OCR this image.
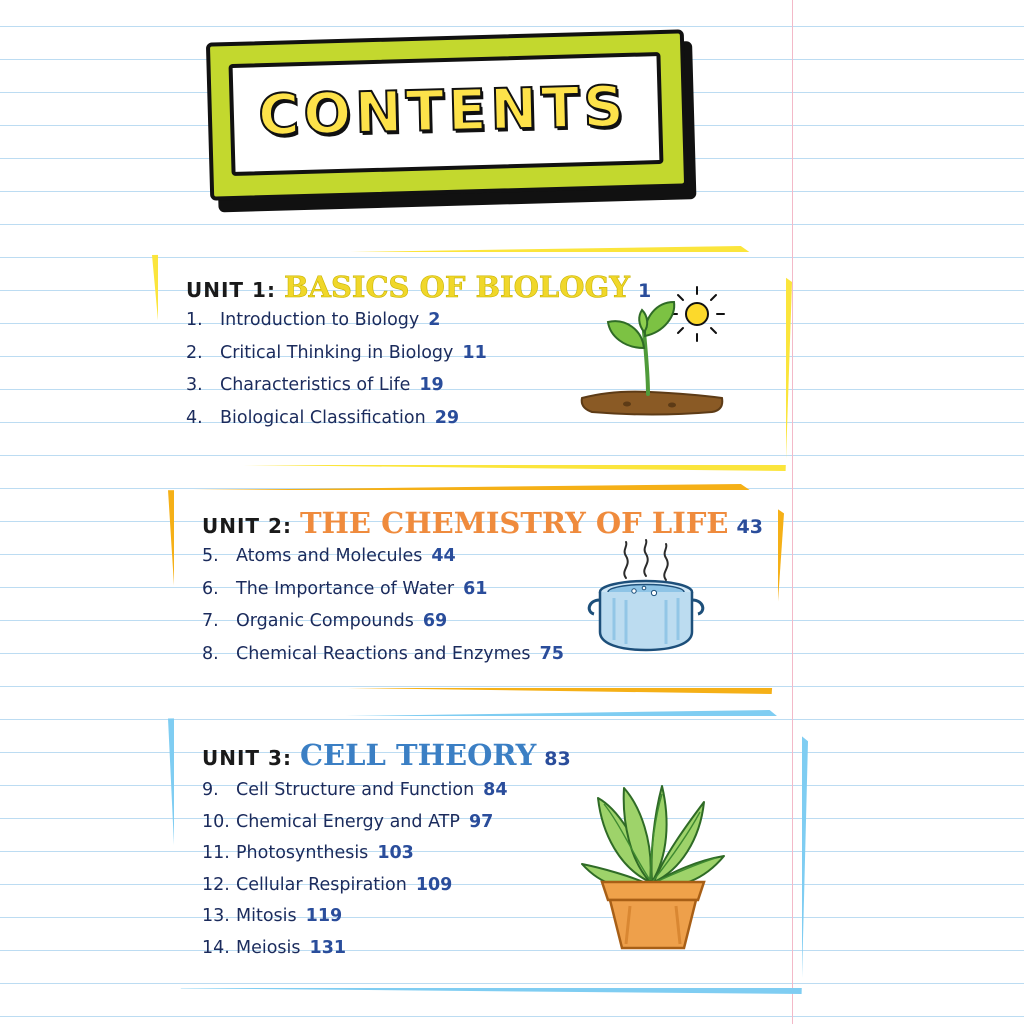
CONTENTS
UNIT 1: BASICS OF BIOLOGY 1
1. Introduction to Biology 2
2. Critical Thinking in Biology 11
3. Characteristics of Life 19
4. Biological Classification 29
UNIT 2: THE CHEMISTRY OF LIFE 43
5. Atoms and Molecules 44
6. The Importance of Water 61
7. Organic Compounds 69
8. Chemical Reactions and Enzymes 75
UNIT 3: CELL THEORY 83
9. Cell Structure and Function 84
10. Chemical Energy and ATP 97
11. Photosynthesis 103
12. Cellular Respiration 109
13. Mitosis 119
14. Meiosis 131
